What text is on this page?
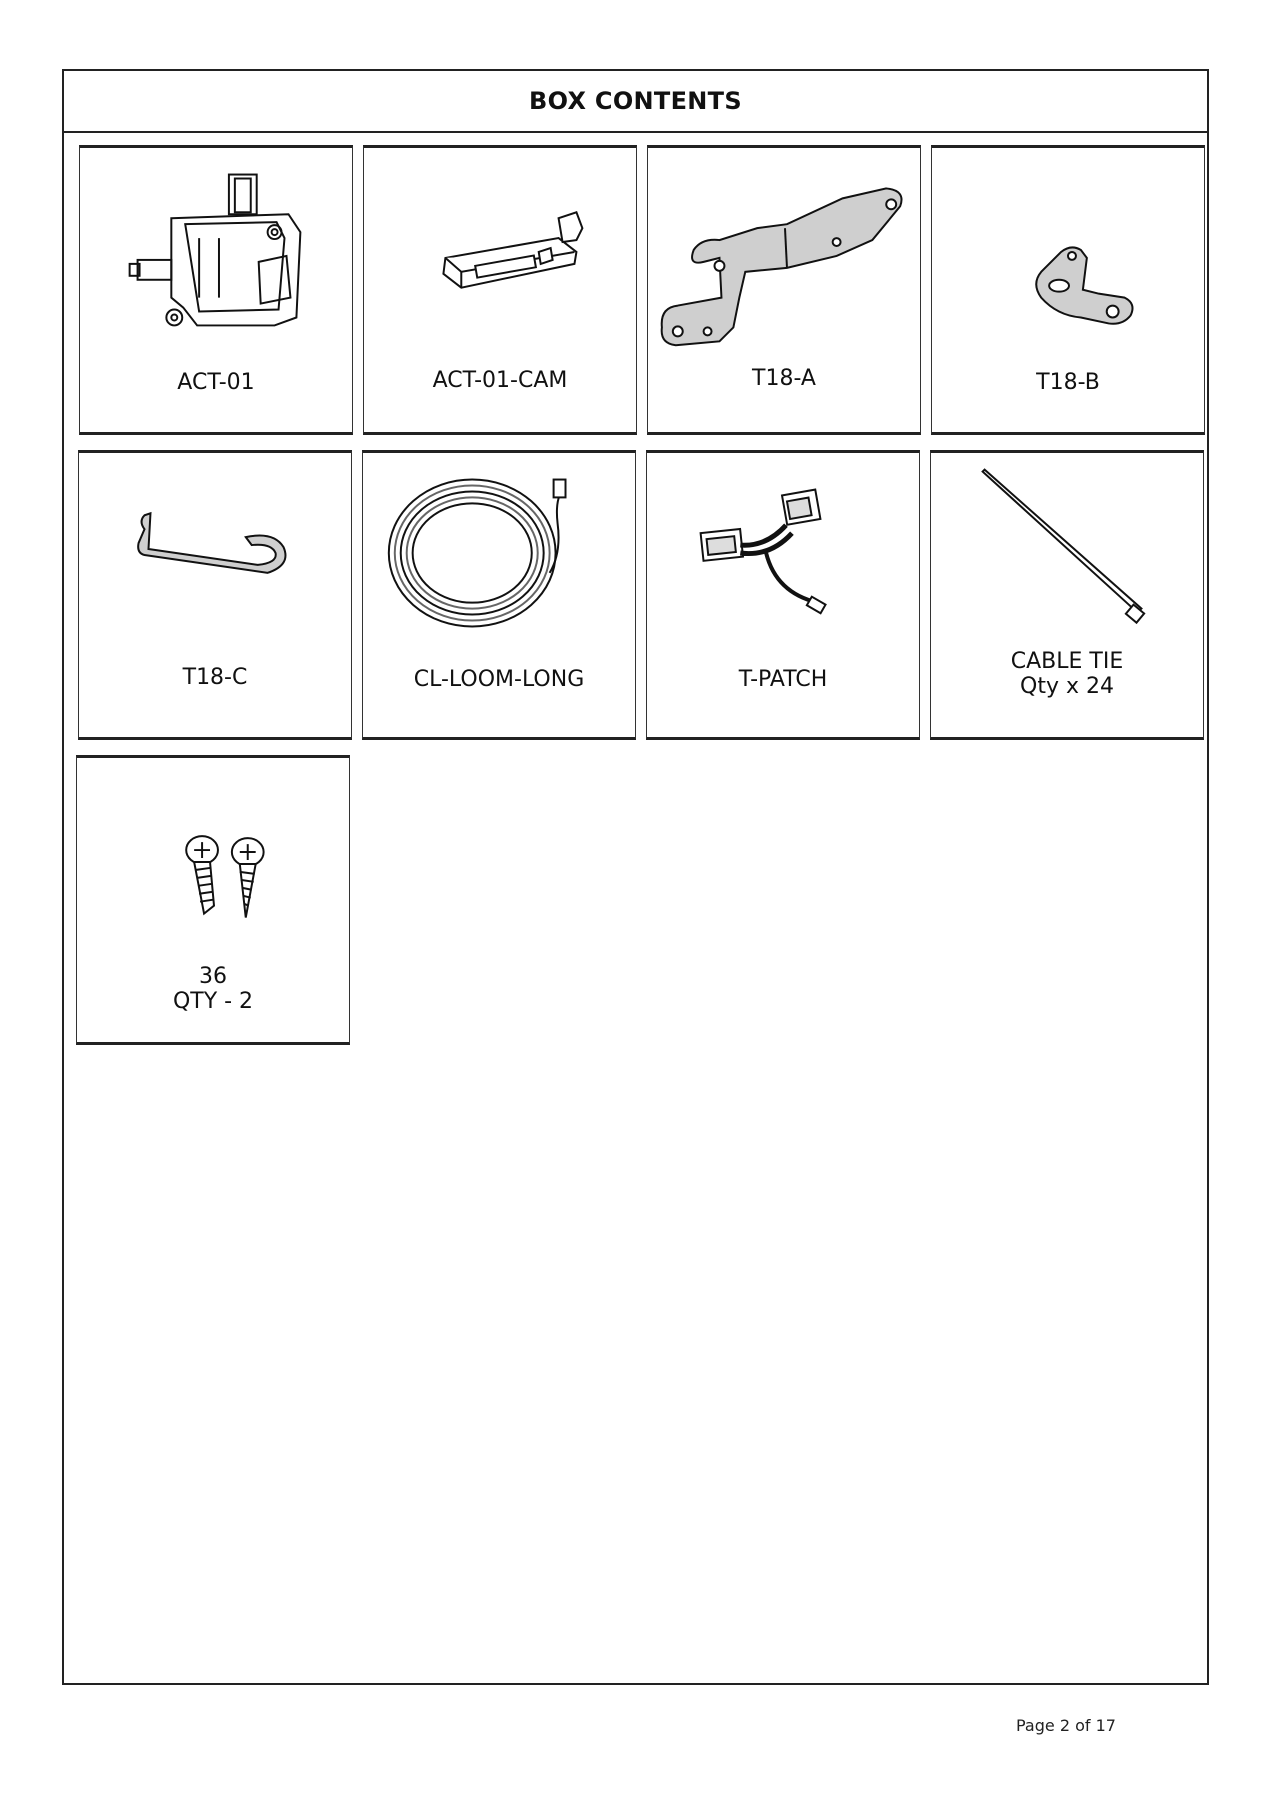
BOX CONTENTS
ACT-01	ACT-01-CAM	T18-A	T18-B
T18-C	CL-LOOM-LONG	T-PATCH
CABLE TIE
Qty x 24
36
QTY - 2
Page 2 of 17
